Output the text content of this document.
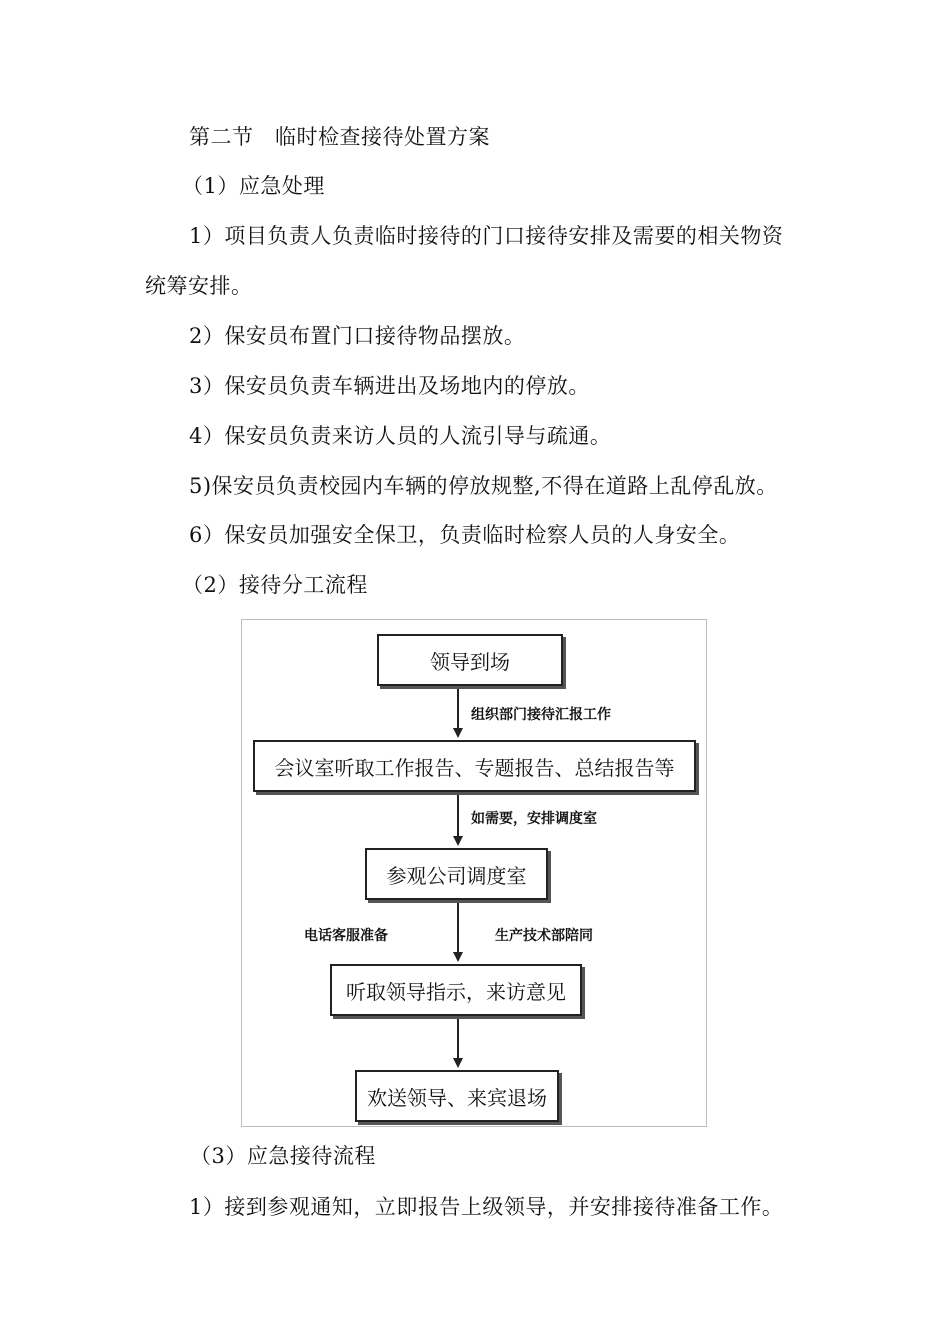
第二节　临时检查接待处置方案
（1）应急处理
1）项目负责人负责临时接待的门口接待安排及需要的相关物资
统筹安排。
2）保安员布置门口接待物品摆放。
3）保安员负责车辆进出及场地内的停放。
4）保安员负责来访人员的人流引导与疏通。
5)保安员负责校园内车辆的停放规整,不得在道路上乱停乱放。
6）保安员加强安全保卫，负责临时检察人员的人身安全。
（2）接待分工流程
领导到场
组织部门接待汇报工作
会议室听取工作报告、专题报告、总结报告等
如需要，安排调度室
参观公司调度室
电话客服准备	生产技术部陪同
听取领导指示，来访意见
欢送领导、来宾退场
（3）应急接待流程
1）接到参观通知，立即报告上级领导，并安排接待准备工作。
